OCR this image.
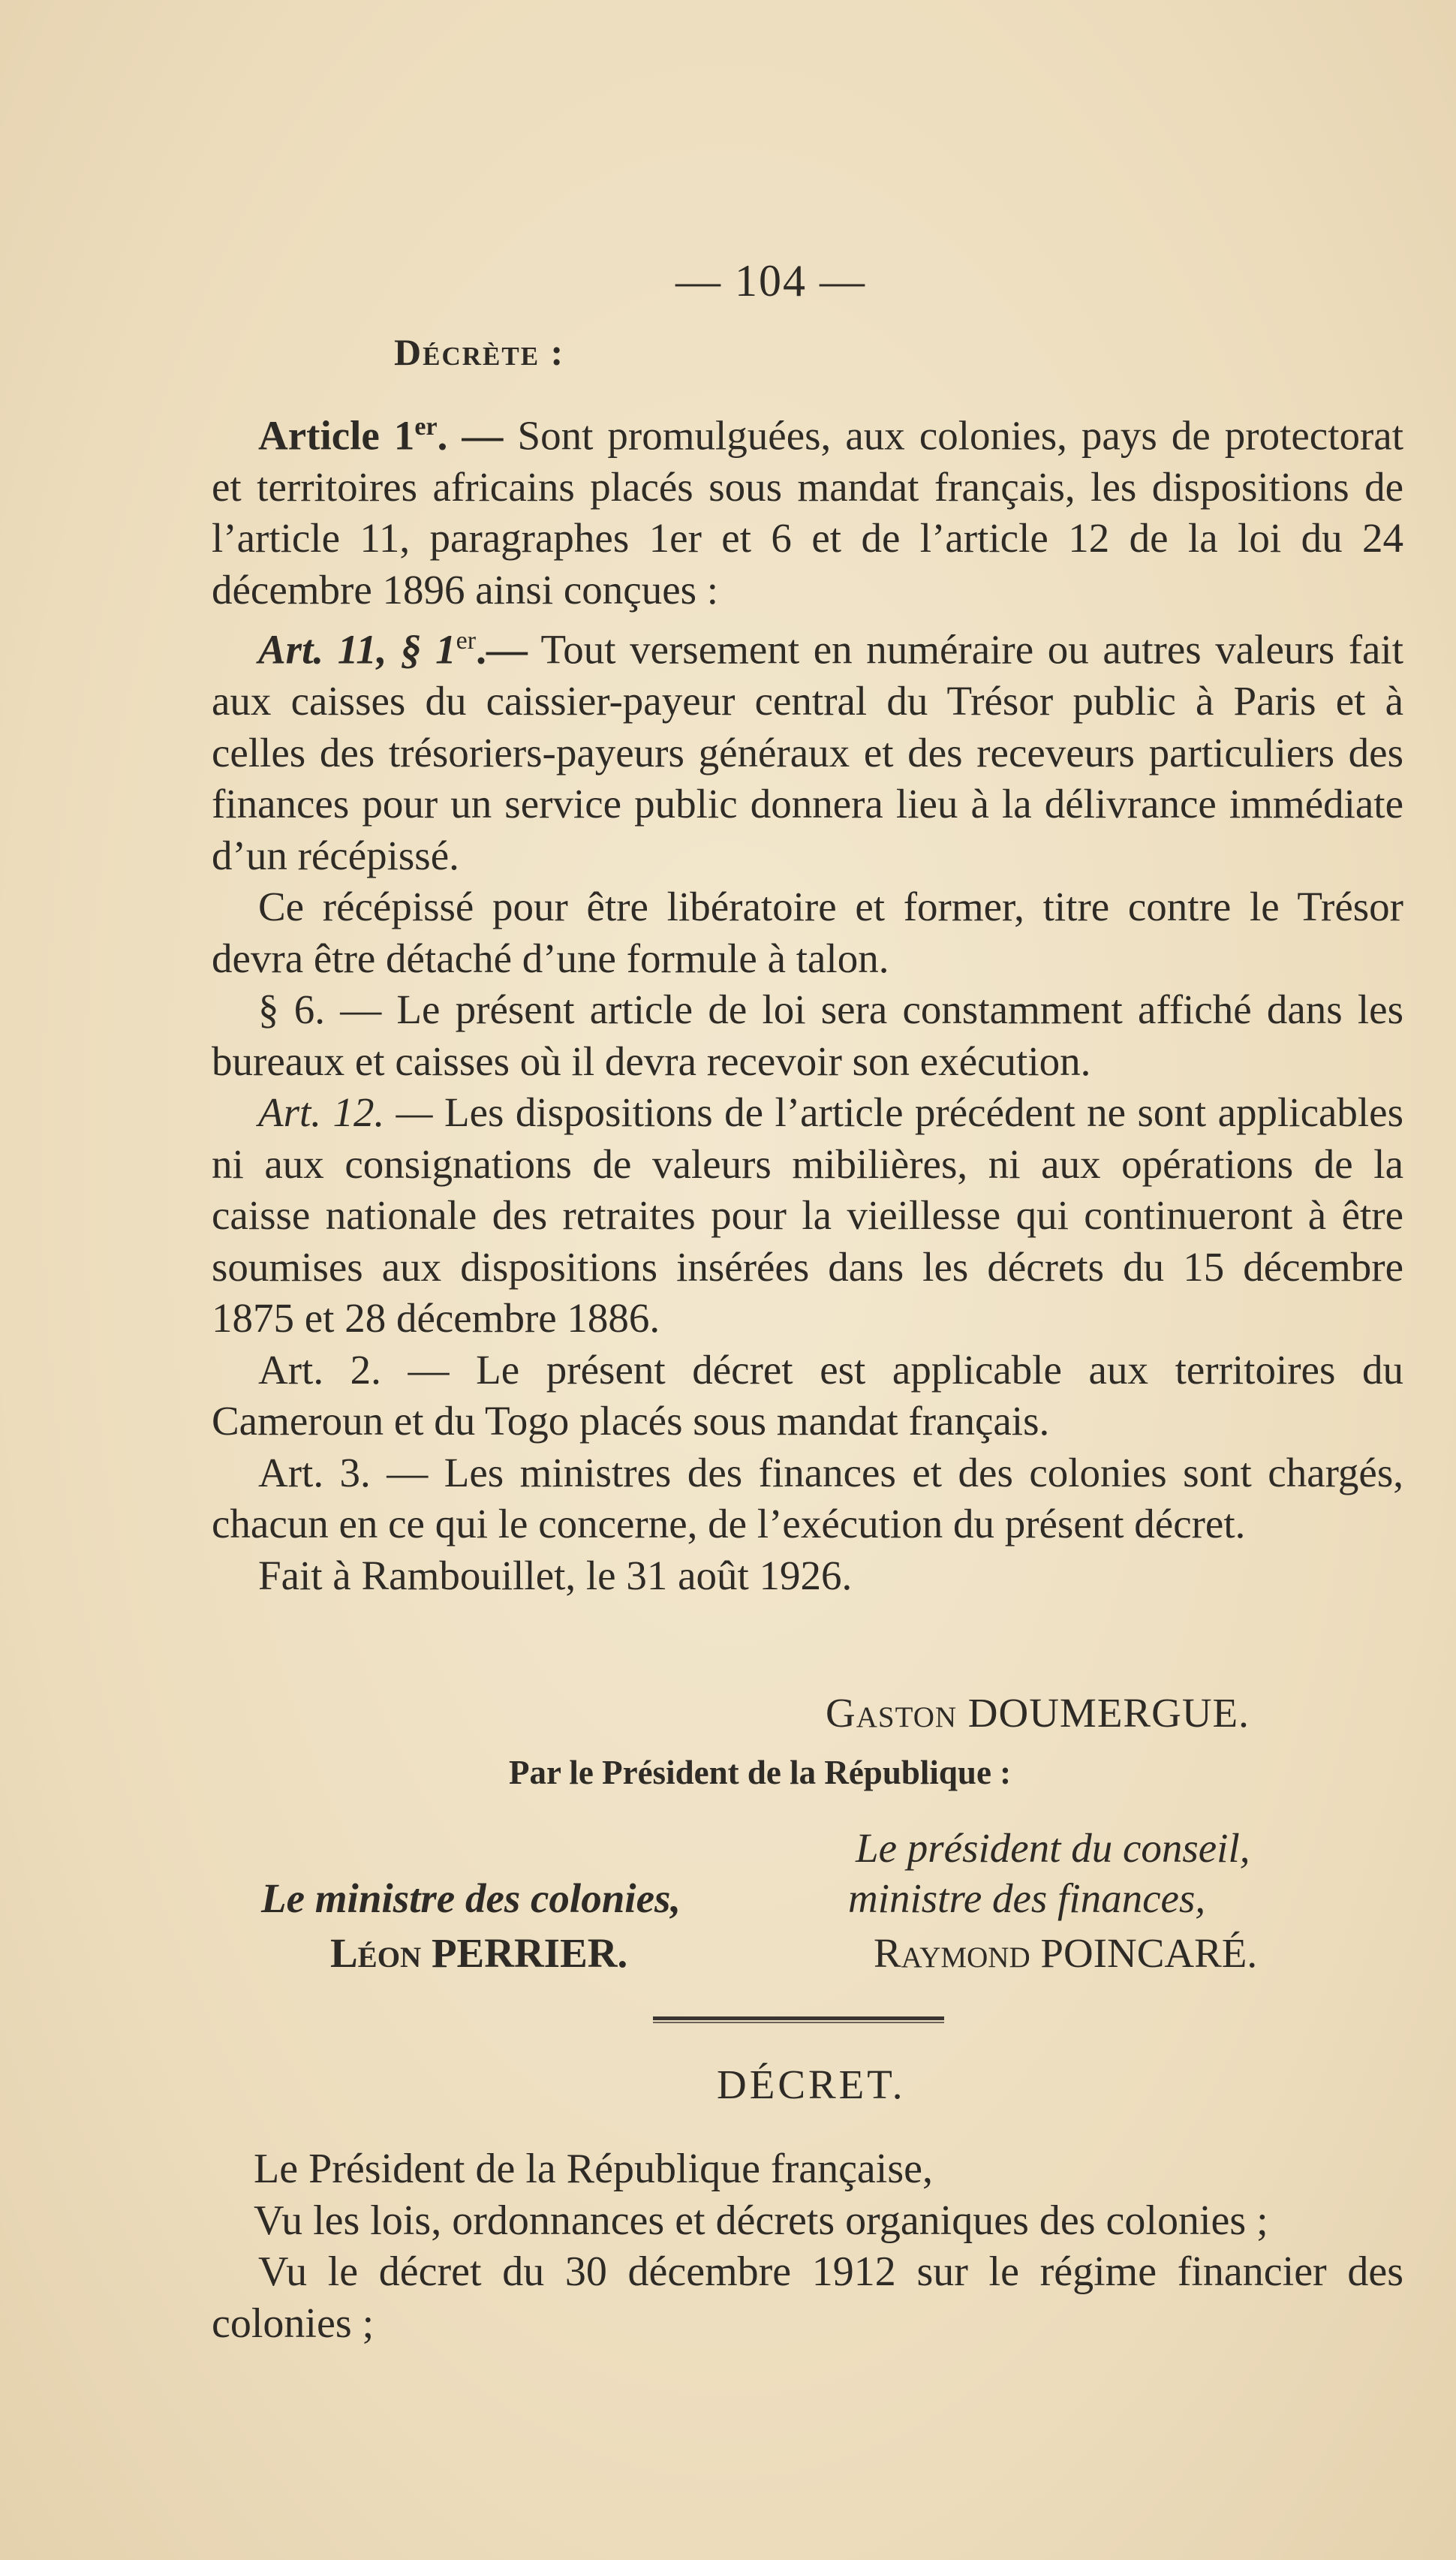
— 104 —
Décrète :

Article 1er. — Sont promulguées, aux colonies, pays de protectorat et territoires africains placés sous mandat français, les dispositions de l’article 11, paragraphes 1er et 6 et de l’article 12 de la loi du 24 décembre 1896 ainsi conçues :

Art. 11, § 1er.— Tout versement en numéraire ou autres valeurs fait aux caisses du caissier-payeur central du Trésor public à Paris et à celles des trésoriers-payeurs généraux et des receveurs particuliers des finances pour un service public donnera lieu à la délivrance immédiate d’un récépissé.

Ce récépissé pour être libératoire et former, titre contre le Trésor devra être détaché d’une formule à talon.

§ 6. — Le présent article de loi sera constamment affiché dans les bureaux et caisses où il devra recevoir son exécution.

Art. 12. — Les dispositions de l’article précédent ne sont applicables ni aux consignations de valeurs mibilières, ni aux opérations de la caisse nationale des retraites pour la vieillesse qui continueront à être soumises aux dispositions insérées dans les décrets du 15 décembre 1875 et 28 décembre 1886.

Art. 2. — Le présent décret est applicable aux territoires du Cameroun et du Togo placés sous mandat français.

Art. 3. — Les ministres des finances et des colonies sont chargés, chacun en ce qui le concerne, de l’exécution du présent décret.

Fait à Rambouillet, le 31 août 1926.

Gaston DOUMERGUE.
Par le Président de la République :
Le président du conseil,
Le ministre des colonies,	ministre des finances,
Léon PERRIER.	Raymond POINCARÉ.
DÉCRET.

Le Président de la République française,

Vu les lois, ordonnances et décrets organiques des colonies ;

Vu le décret du 30 décembre 1912 sur le régime financier des colonies ;
